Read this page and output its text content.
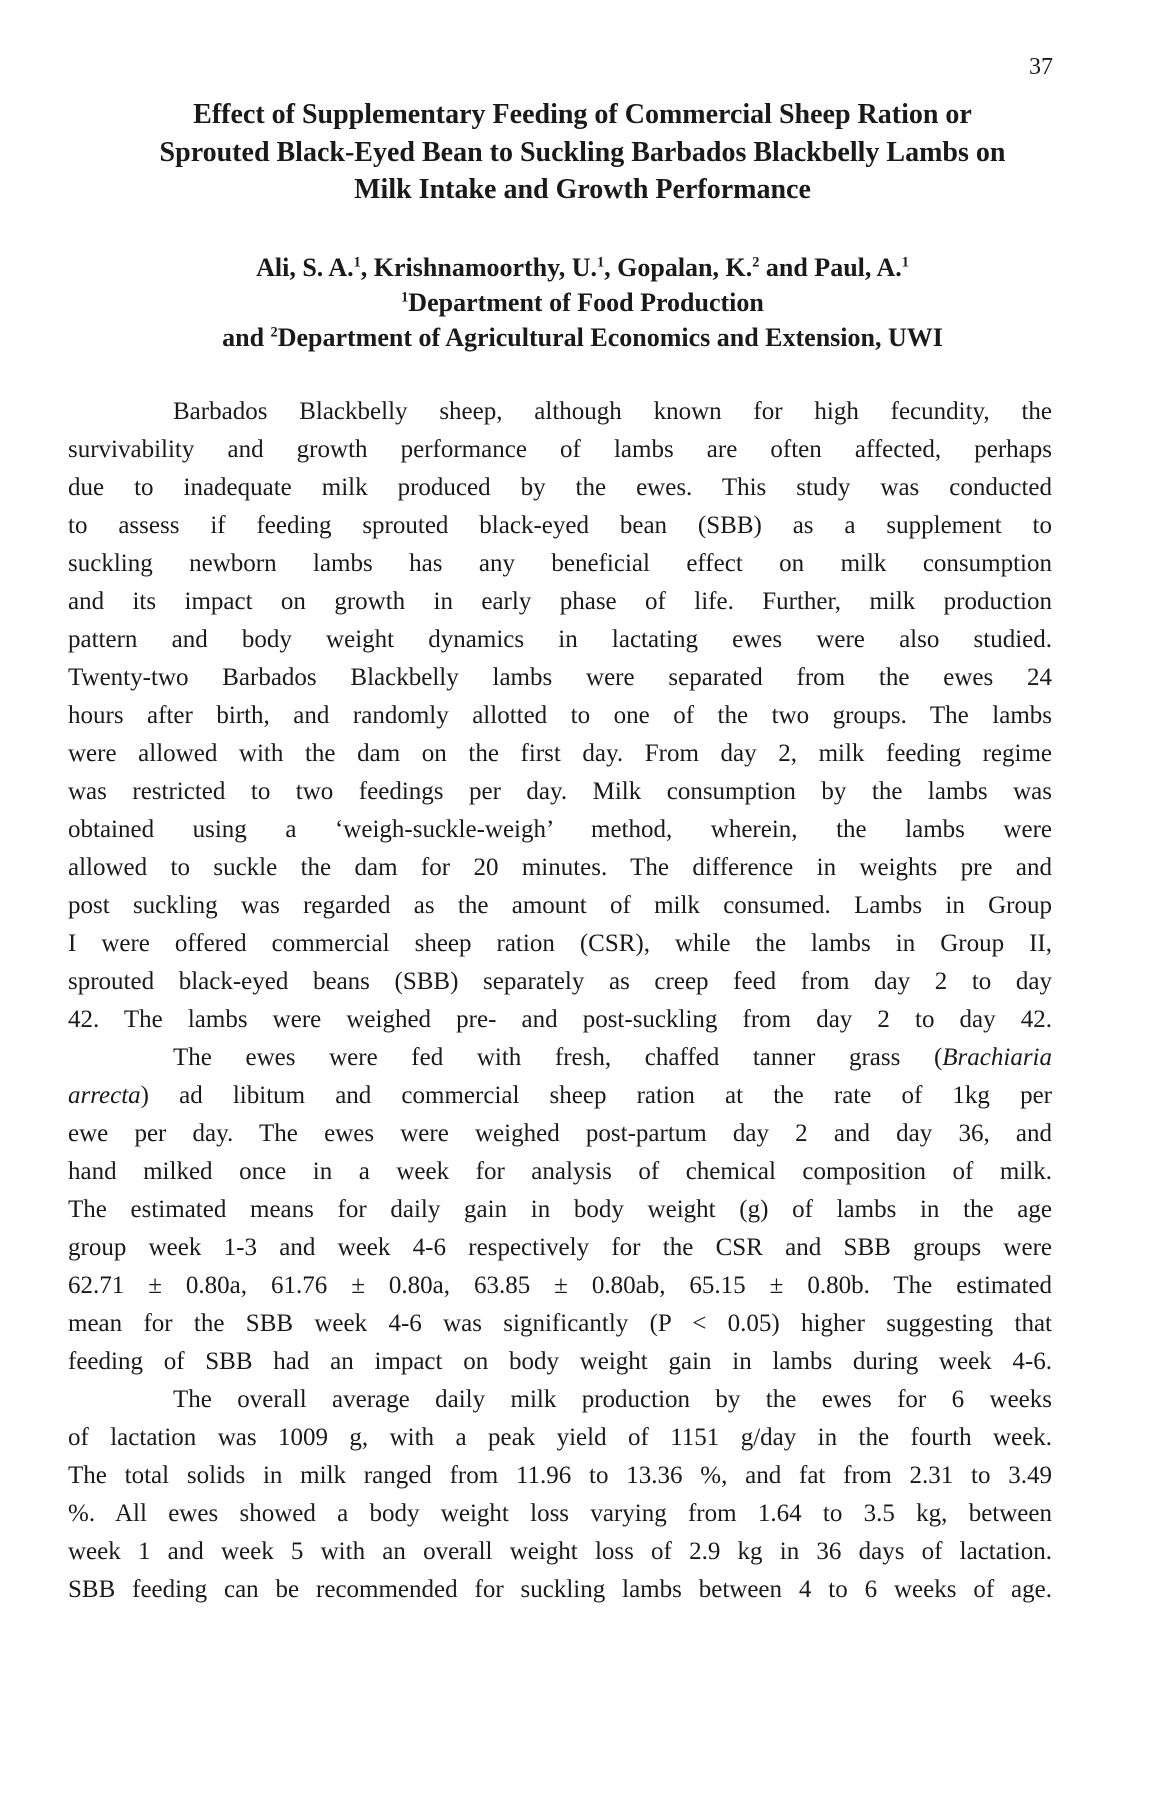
37
Effect of Supplementary Feeding of Commercial Sheep Ration or
Sprouted Black-Eyed Bean to Suckling Barbados Blackbelly Lambs on
Milk Intake and Growth Performance
Ali, S. A.$^1$, Krishnamoorthy, U.$^1$, Gopalan, K.$^2$ and Paul, A.$^1$
$^1$Department of Food Production
and $^2$Department of Agricultural Economics and Extension, UWI
Barbados Blackbelly sheep, although known for high fecundity, the
survivability and growth performance of lambs are often affected, perhaps
due to inadequate milk produced by the ewes. This study was conducted
to assess if feeding sprouted black-eyed bean (SBB) as a supplement to
suckling newborn lambs has any beneficial effect on milk consumption
and its impact on growth in early phase of life. Further, milk production
pattern and body weight dynamics in lactating ewes were also studied.
Twenty-two Barbados Blackbelly lambs were separated from the ewes 24
hours after birth, and randomly allotted to one of the two groups. The lambs
were allowed with the dam on the first day. From day 2, milk feeding regime
was restricted to two feedings per day. Milk consumption by the lambs was
obtained using a ‘weigh-suckle-weigh’ method, wherein, the lambs were
allowed to suckle the dam for 20 minutes. The difference in weights pre and
post suckling was regarded as the amount of milk consumed. Lambs in Group
I were offered commercial sheep ration (CSR), while the lambs in Group II,
sprouted black-eyed beans (SBB) separately as creep feed from day 2 to day
42. The lambs were weighed pre- and post-suckling from day 2 to day 42.
The ewes were fed with fresh, chaffed tanner grass (Brachiaria
arrecta) ad libitum and commercial sheep ration at the rate of 1kg per
ewe per day. The ewes were weighed post-partum day 2 and day 36, and
hand milked once in a week for analysis of chemical composition of milk.
The estimated means for daily gain in body weight (g) of lambs in the age
group week 1-3 and week 4-6 respectively for the CSR and SBB groups were
62.71 ± 0.80a, 61.76 ± 0.80a, 63.85 ± 0.80ab, 65.15 ± 0.80b. The estimated
mean for the SBB week 4-6 was significantly (P < 0.05) higher suggesting that
feeding of SBB had an impact on body weight gain in lambs during week 4-6.
The overall average daily milk production by the ewes for 6 weeks
of lactation was 1009 g, with a peak yield of 1151 g/day in the fourth week.
The total solids in milk ranged from 11.96 to 13.36 %, and fat from 2.31 to 3.49
%. All ewes showed a body weight loss varying from 1.64 to 3.5 kg, between
week 1 and week 5 with an overall weight loss of 2.9 kg in 36 days of lactation.
SBB feeding can be recommended for suckling lambs between 4 to 6 weeks of age.
